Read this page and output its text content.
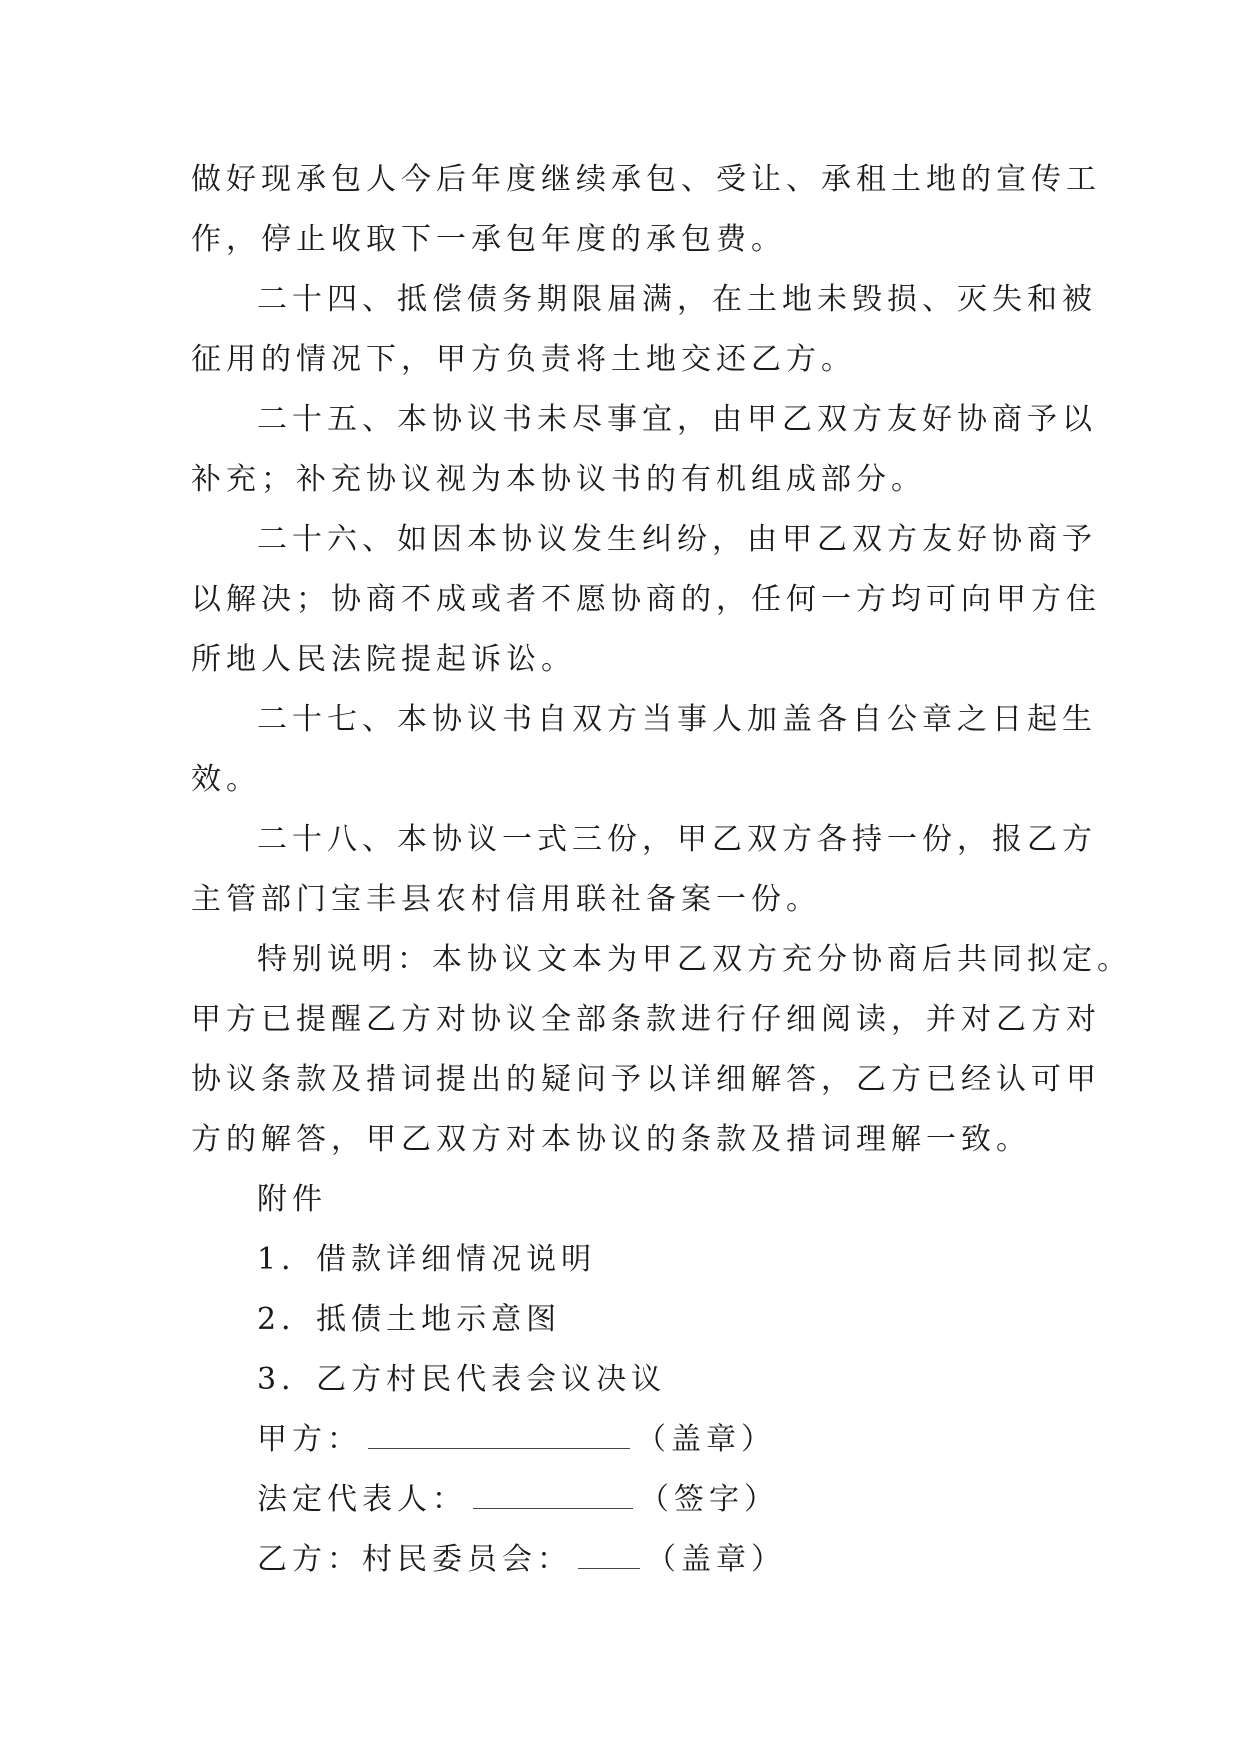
做好现承包人今后年度继续承包、受让、承租土地的宣传工
作，停止收取下一承包年度的承包费。
二十四、抵偿债务期限届满，在土地未毁损、灭失和被
征用的情况下，甲方负责将土地交还乙方。
二十五、本协议书未尽事宜，由甲乙双方友好协商予以
补充；补充协议视为本协议书的有机组成部分。
二十六、如因本协议发生纠纷，由甲乙双方友好协商予
以解决；协商不成或者不愿协商的，任何一方均可向甲方住
所地人民法院提起诉讼。
二十七、本协议书自双方当事人加盖各自公章之日起生
效。
二十八、本协议一式三份，甲乙双方各持一份，报乙方
主管部门宝丰县农村信用联社备案一份。
特别说明：本协议文本为甲乙双方充分协商后共同拟定。
甲方已提醒乙方对协议全部条款进行仔细阅读，并对乙方对
协议条款及措词提出的疑问予以详细解答，乙方已经认可甲
方的解答，甲乙双方对本协议的条款及措词理解一致。
附件
1．借款详细情况说明
2．抵债土地示意图
3．乙方村民代表会议决议
甲方：	（盖章）
法定代表人：	（签字）
乙方：村民委员会： （盖章）
